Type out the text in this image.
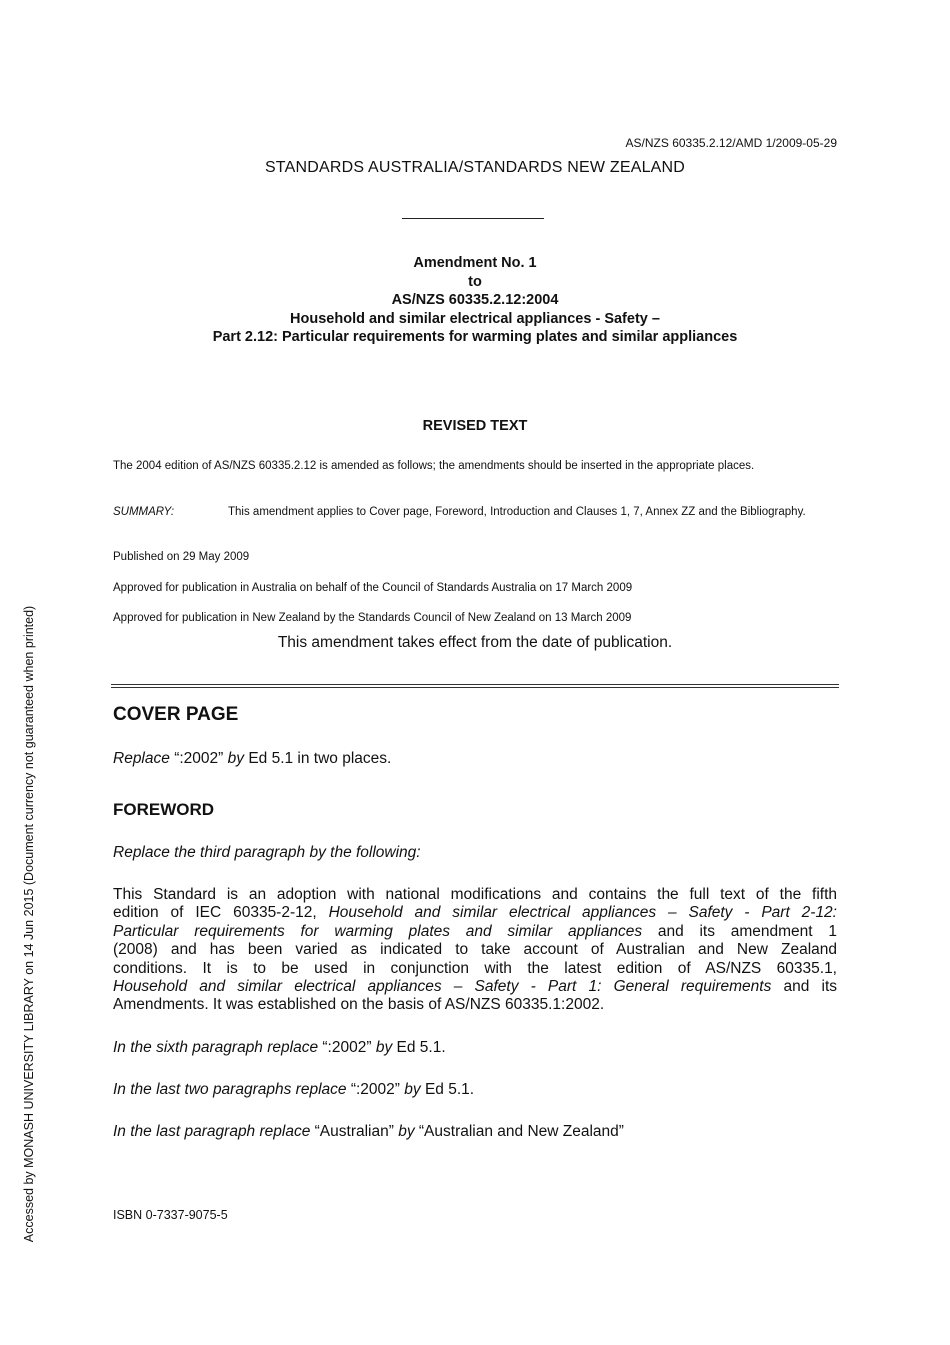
AS/NZS 60335.2.12/AMD 1/2009-05-29
STANDARDS AUSTRALIA/STANDARDS NEW ZEALAND
Amendment No. 1
to
AS/NZS 60335.2.12:2004
Household and similar electrical appliances - Safety –
Part 2.12: Particular requirements for warming plates and similar appliances
REVISED TEXT
The 2004 edition of AS/NZS 60335.2.12 is amended as follows; the amendments should be inserted in the appropriate places.
SUMMARY:	This amendment applies to Cover page, Foreword, Introduction and Clauses 1, 7, Annex ZZ and the Bibliography.
Published on 29 May 2009
Approved for publication in Australia on behalf of the Council of Standards Australia on 17 March 2009
Approved for publication in New Zealand by the Standards Council of New Zealand on 13 March 2009
This amendment takes effect from the date of publication.
COVER PAGE
Replace “:2002” by Ed 5.1 in two places.
FOREWORD
Replace the third paragraph by the following:
This Standard is an adoption with national modifications and contains the full text of the fifth
edition of IEC 60335-2-12, Household and similar electrical appliances – Safety - Part 2-12:
Particular requirements for warming plates and similar appliances and its amendment 1
(2008) and has been varied as indicated to take account of Australian and New Zealand
conditions. It is to be used in conjunction with the latest edition of AS/NZS 60335.1,
Household and similar electrical appliances – Safety - Part 1: General requirements and its
Amendments. It was established on the basis of AS/NZS 60335.1:2002.
In the sixth paragraph replace “:2002” by Ed 5.1.
In the last two paragraphs replace “:2002” by Ed 5.1.
In the last paragraph replace “Australian” by “Australian and New Zealand”
ISBN 0-7337-9075-5
Accessed by MONASH UNIVERSITY LIBRARY on 14 Jun 2015 (Document currency not guaranteed when printed)
